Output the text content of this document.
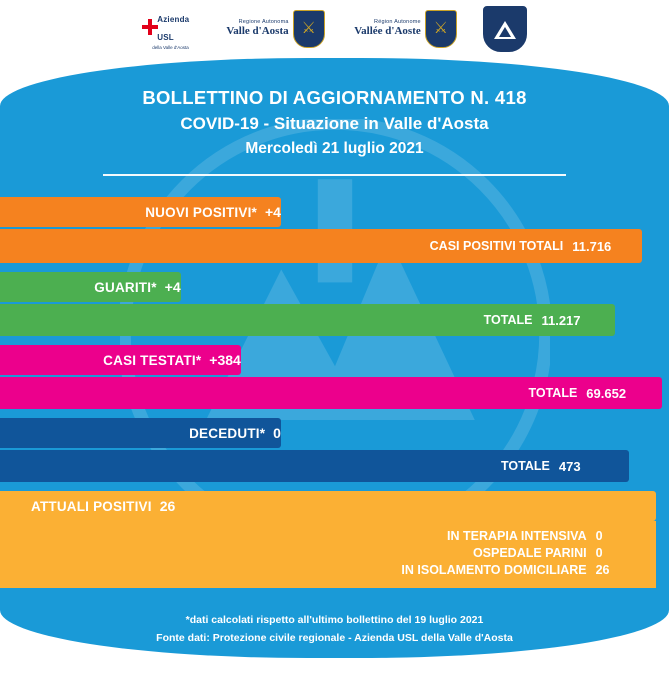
Azienda USL
della Valle d'Aosta
Regione Autonoma
Valle d'Aosta ⚔	Région Autonome
Vallée d'Aoste ⚔
BOLLETTINO DI AGGIORNAMENTO N. 418
COVID-19 - Situazione in Valle d'Aosta
Mercoledì 21 luglio 2021
NUOVI POSITIVI* +4
CASI POSITIVI TOTALI 11.716
GUARITI* +4
TOTALE 11.217
CASI TESTATI* +384
TOTALE 69.652
DECEDUTI* 0
TOTALE 473
ATTUALI POSITIVI 26
IN TERAPIA INTENSIVA 0
OSPEDALE PARINI 0
IN ISOLAMENTO DOMICILIARE 26
*dati calcolati rispetto all'ultimo bollettino del 19 luglio 2021
Fonte dati: Protezione civile regionale - Azienda USL della Valle d'Aosta
